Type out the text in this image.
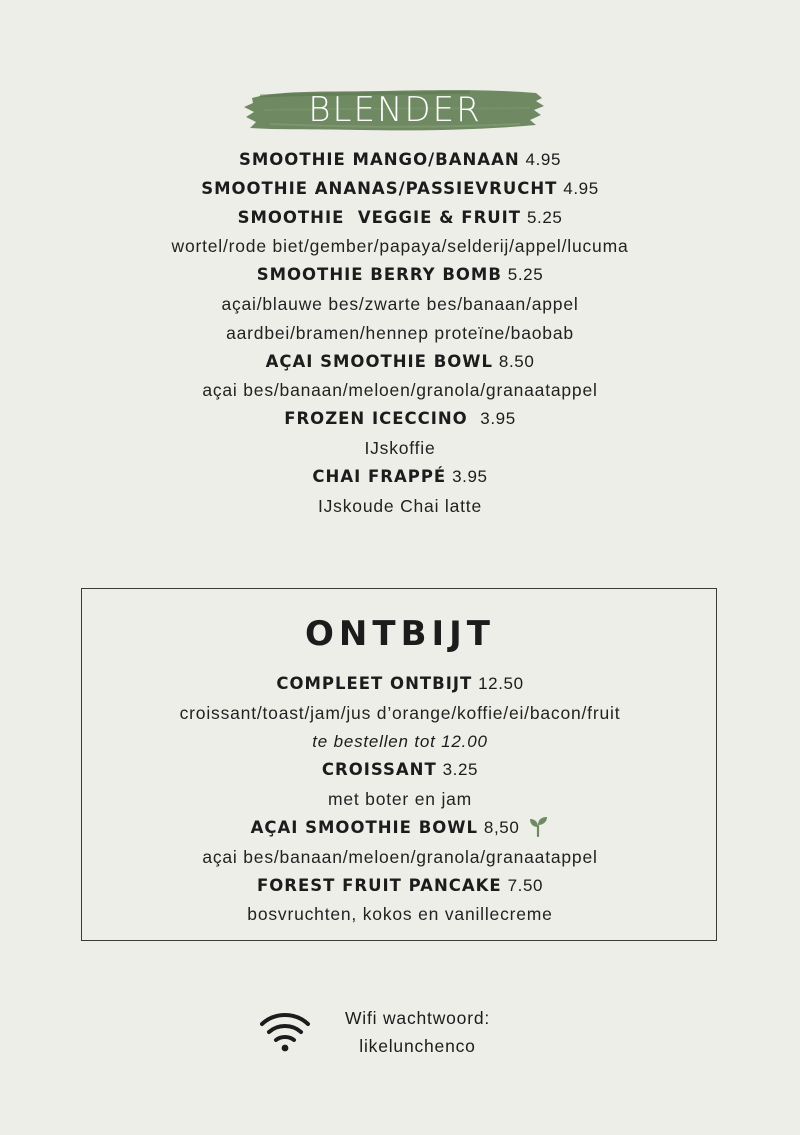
BLENDER
SMOOTHIE MANGO/BANAAN 4.95
SMOOTHIE ANANAS/PASSIEVRUCHT 4.95
SMOOTHIE  VEGGIE & FRUIT 5.25
wortel/rode biet/gember/papaya/selderij/appel/lucuma
SMOOTHIE BERRY BOMB 5.25
açai/blauwe bes/zwarte bes/banaan/appel
aardbei/bramen/hennep proteïne/baobab
AÇAI SMOOTHIE BOWL 8.50
açai bes/banaan/meloen/granola/granaatappel
FROZEN ICECCINO  3.95
IJskoffie
CHAI FRAPPÉ 3.95
IJskoude Chai latte
ONTBIJT
COMPLEET ONTBIJT 12.50
croissant/toast/jam/jus d’orange/koffie/ei/bacon/fruit
te bestellen tot 12.00
CROISSANT 3.25
met boter en jam
AÇAI SMOOTHIE BOWL 8,50
açai bes/banaan/meloen/granola/granaatappel
FOREST FRUIT PANCAKE 7.50
bosvruchten, kokos en vanillecreme
Wifi wachtwoord:
likelunchenco
